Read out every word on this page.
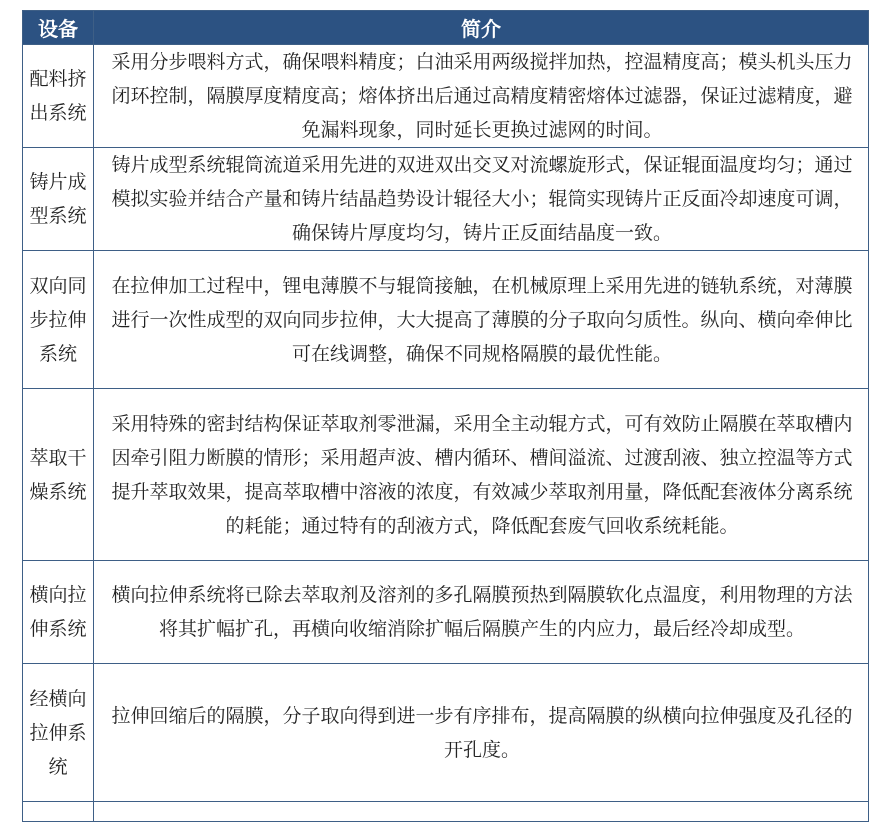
设备	简介
配料挤出系统	采用分步喂料方式，确保喂料精度；白油采用两级搅拌加热，控温精度高；模头机头压力闭环控制，隔膜厚度精度高；熔体挤出后通过高精度精密熔体过滤器，保证过滤精度，避免漏料现象，同时延长更换过滤网的时间。
铸片成型系统	铸片成型系统辊筒流道采用先进的双进双出交叉对流螺旋形式，保证辊面温度均匀；通过模拟实验并结合产量和铸片结晶趋势设计辊径大小；辊筒实现铸片正反面冷却速度可调，确保铸片厚度均匀，铸片正反面结晶度一致。
双向同步拉伸系统	在拉伸加工过程中，锂电薄膜不与辊筒接触，在机械原理上采用先进的链轨系统，对薄膜进行一次性成型的双向同步拉伸，大大提高了薄膜的分子取向匀质性。纵向、横向牵伸比可在线调整，确保不同规格隔膜的最优性能。
萃取干燥系统	采用特殊的密封结构保证萃取剂零泄漏，采用全主动辊方式，可有效防止隔膜在萃取槽内因牵引阻力断膜的情形；采用超声波、槽内循环、槽间溢流、过渡刮液、独立控温等方式提升萃取效果，提高萃取槽中溶液的浓度，有效减少萃取剂用量，降低配套液体分离系统的耗能；通过特有的刮液方式，降低配套废气回收系统耗能。
横向拉伸系统	横向拉伸系统将已除去萃取剂及溶剂的多孔隔膜预热到隔膜软化点温度，利用物理的方法将其扩幅扩孔，再横向收缩消除扩幅后隔膜产生的内应力，最后经冷却成型。
经横向拉伸系统	拉伸回缩后的隔膜，分子取向得到进一步有序排布，提高隔膜的纵横向拉伸强度及孔径的开孔度。
